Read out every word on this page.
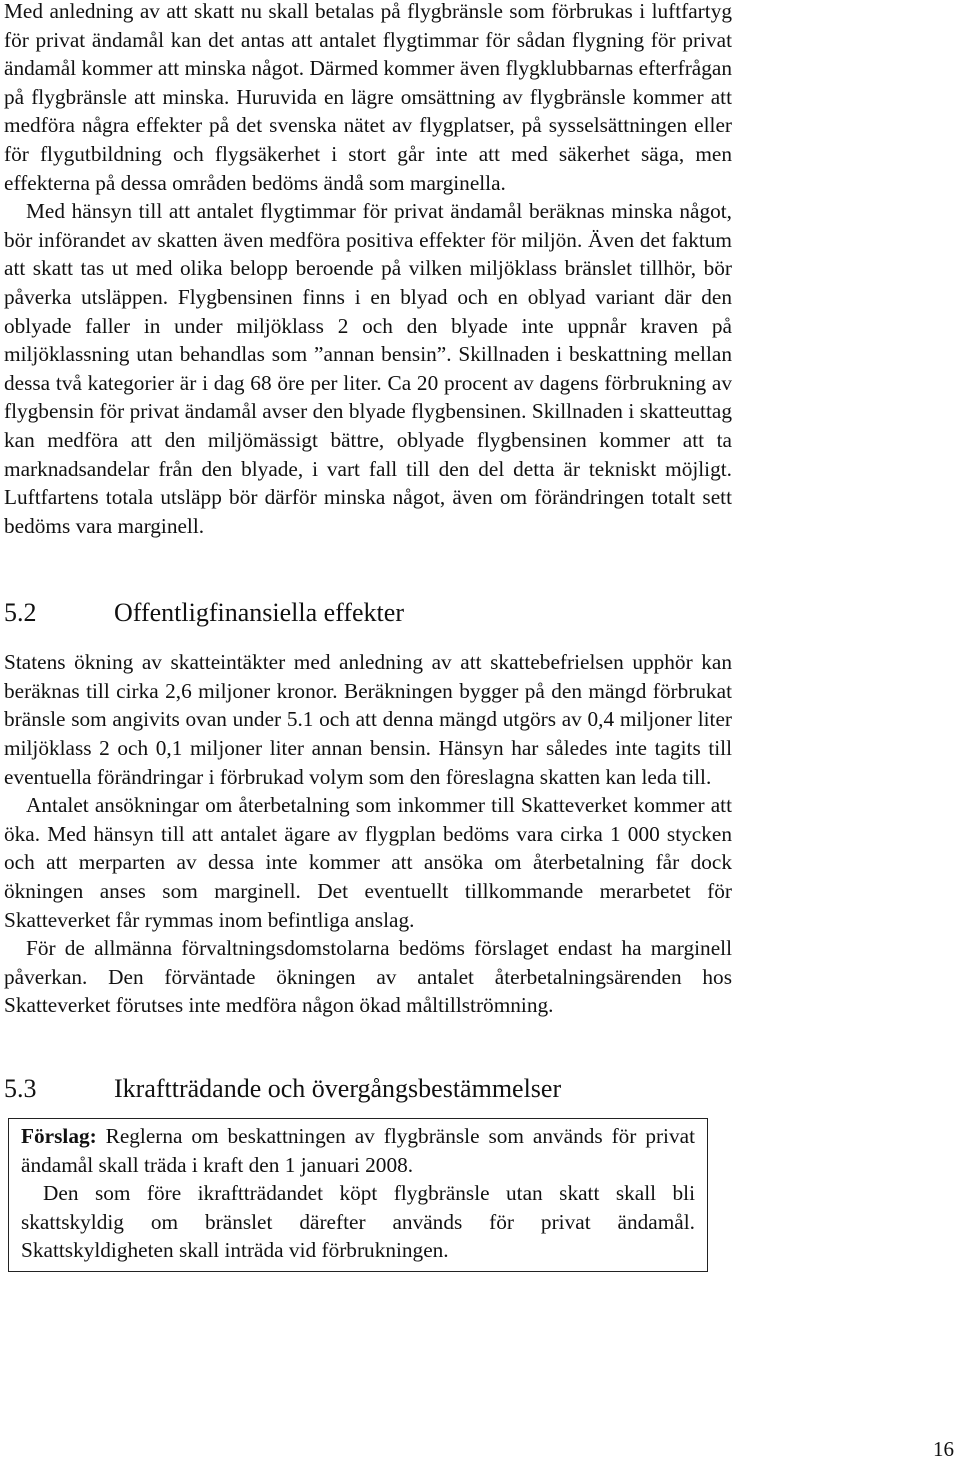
Med anledning av att skatt nu skall betalas på flygbränsle som förbrukas i luftfartyg för privat ändamål kan det antas att antalet flygtimmar för sådan flygning för privat ändamål kommer att minska något. Därmed kommer även flygklubbarnas efterfrågan på flygbränsle att minska. Huruvida en lägre omsättning av flygbränsle kommer att medföra några effekter på det svenska nätet av flygplatser, på sysselsättningen eller för flygutbildning och flygsäkerhet i stort går inte att med säkerhet säga, men effekterna på dessa områden bedöms ändå som marginella.

Med hänsyn till att antalet flygtimmar för privat ändamål beräknas minska något, bör införandet av skatten även medföra positiva effekter för miljön. Även det faktum att skatt tas ut med olika belopp beroende på vilken miljöklass bränslet tillhör, bör påverka utsläppen. Flygbensinen finns i en blyad och en oblyad variant där den oblyade faller in under miljöklass 2 och den blyade inte uppnår kraven på miljöklassning utan behandlas som ”annan bensin”. Skillnaden i beskattning mellan dessa två kategorier är i dag 68 öre per liter. Ca 20 procent av dagens förbrukning av flygbensin för privat ändamål avser den blyade flygbensinen. Skillnaden i skatteuttag kan medföra att den miljömässigt bättre, oblyade flygbensinen kommer att ta marknadsandelar från den blyade, i vart fall till den del detta är tekniskt möjligt. Luftfartens totala utsläpp bör därför minska något, även om förändringen totalt sett bedöms vara marginell.

5.2	Offentligfinansiella effekter

Statens ökning av skatteintäkter med anledning av att skattebefrielsen upphör kan beräknas till cirka 2,6 miljoner kronor. Beräkningen bygger på den mängd förbrukat bränsle som angivits ovan under 5.1 och att denna mängd utgörs av 0,4 miljoner liter miljöklass 2 och 0,1 miljoner liter annan bensin. Hänsyn har således inte tagits till eventuella förändringar i förbrukad volym som den föreslagna skatten kan leda till.

Antalet ansökningar om återbetalning som inkommer till Skatteverket kommer att öka. Med hänsyn till att antalet ägare av flygplan bedöms vara cirka 1 000 stycken och att merparten av dessa inte kommer att ansöka om återbetalning får dock ökningen anses som marginell. Det eventuellt tillkommande merarbetet för Skatteverket får rymmas inom befintliga anslag.

För de allmänna förvaltningsdomstolarna bedöms förslaget endast ha marginell påverkan. Den förväntade ökningen av antalet återbetalningsärenden hos Skatteverket förutses inte medföra någon ökad måltillströmning.

5.3	Ikraftträdande och övergångsbestämmelser

Förslag: Reglerna om beskattningen av flygbränsle som används för privat ändamål skall träda i kraft den 1 januari 2008.

Den som före ikraftträdandet köpt flygbränsle utan skatt skall bli skattskyldig om bränslet därefter används för privat ändamål. Skattskyldigheten skall inträda vid förbrukningen.

16
